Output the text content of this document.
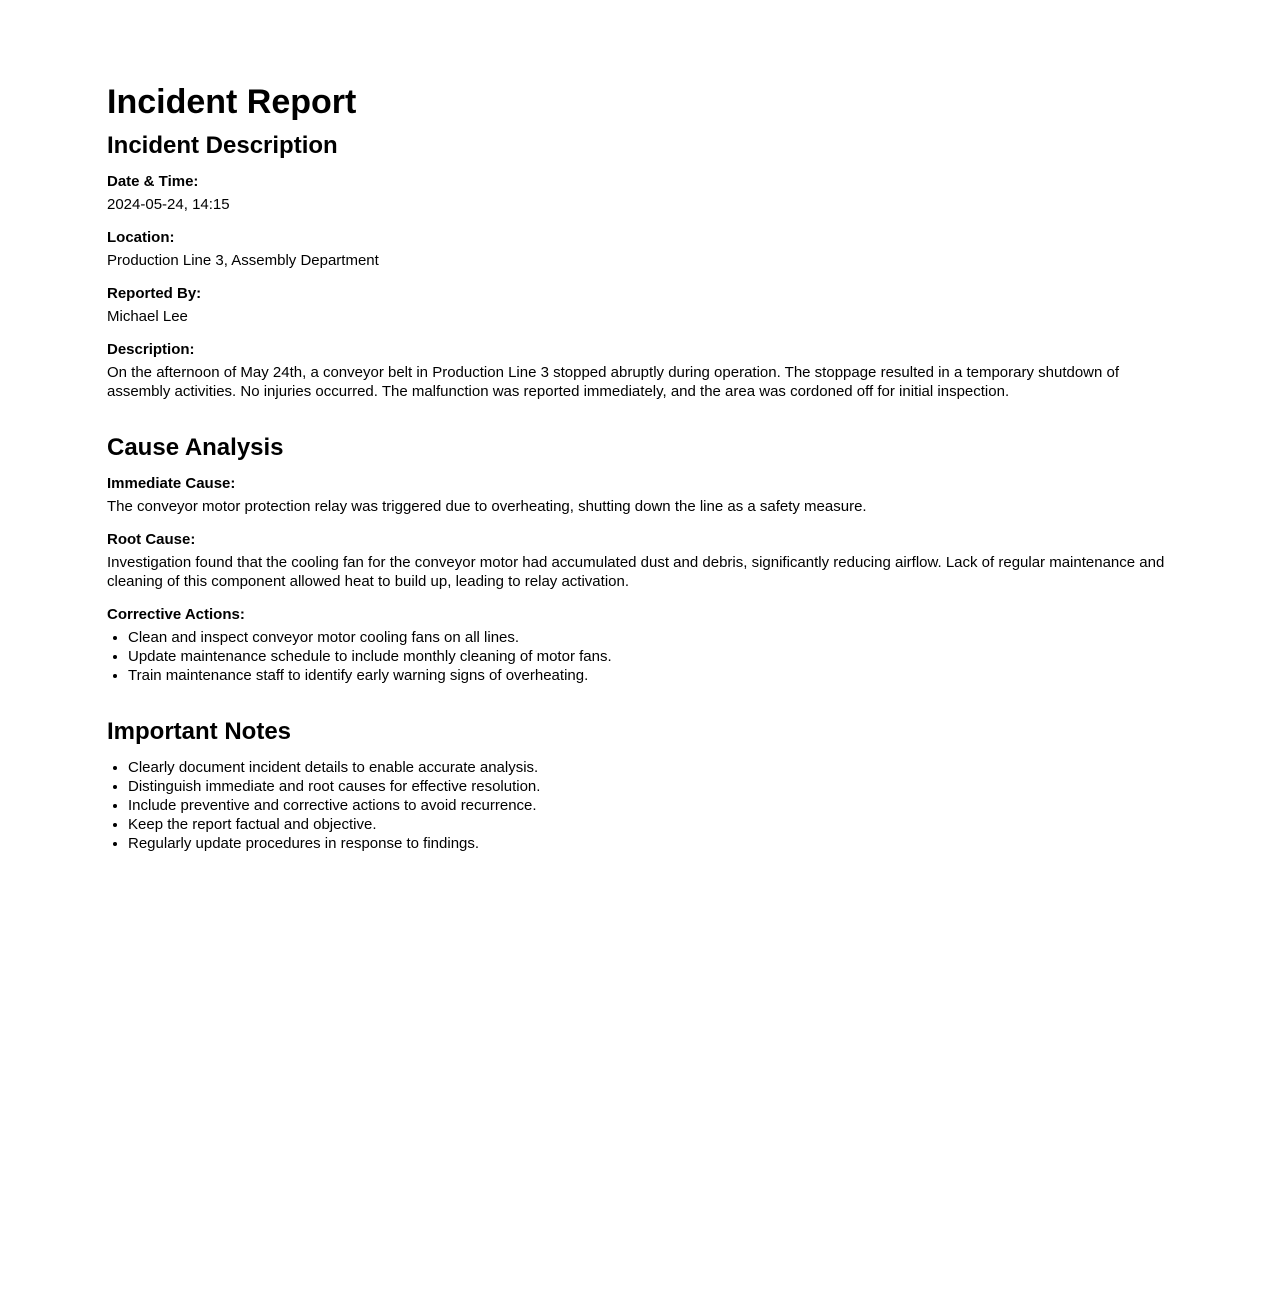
Incident Report
Incident Description

Date & Time:

2024-05-24, 14:15

Location:

Production Line 3, Assembly Department

Reported By:

Michael Lee

Description:

On the afternoon of May 24th, a conveyor belt in Production Line 3 stopped abruptly during operation. The stoppage resulted in a temporary shutdown of assembly activities. No injuries occurred. The malfunction was reported immediately, and the area was cordoned off for initial inspection.

Cause Analysis

Immediate Cause:

The conveyor motor protection relay was triggered due to overheating, shutting down the line as a safety measure.

Root Cause:

Investigation found that the cooling fan for the conveyor motor had accumulated dust and debris, significantly reducing airflow. Lack of regular maintenance and cleaning of this component allowed heat to build up, leading to relay activation.

Corrective Actions:

• Clean and inspect conveyor motor cooling fans on all lines.
• Update maintenance schedule to include monthly cleaning of motor fans.
• Train maintenance staff to identify early warning signs of overheating.
Important Notes
• Clearly document incident details to enable accurate analysis.
• Distinguish immediate and root causes for effective resolution.
• Include preventive and corrective actions to avoid recurrence.
• Keep the report factual and objective.
• Regularly update procedures in response to findings.
